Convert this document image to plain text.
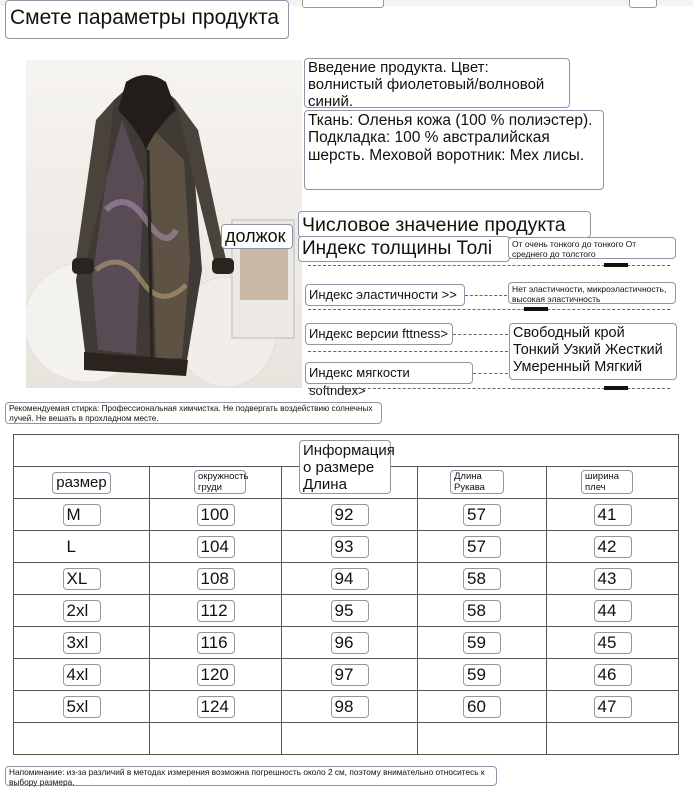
Смете параметры продукта
должок
Введение продукта. Цвет: волнистый фиолетовый/волновой синий.
Ткань: Оленья кожа (100 % полиэстер). Подкладка: 100 % австралийская шерсть. Меховой воротник: Мех лисы.
Числовое значение продукта
Индекс толщины Толі	От очень тонкого до тонкого От среднего до толстого
Индекс эластичности >>	Нет эластичности, микроэластичность, высокая эластичность
Индекс версии fttness>	Свободный крой Тонкий Узкий Жесткий Умеренный Мягкий
Индекс мягкости softndex>
Рекомендуемая стирка: Профессиональная химчистка. Не подвергать воздействию солнечных лучей. Не вешать в прохладном месте.

размер	окружность груди		Длина Рукава	ширина плеч
M	100	92	57	41
L	104	93	57	42
XL	108	94	58	43
2xl	112	95	58	44
3xl	116	96	59	45
4xl	120	97	59	46
5xl	124	98	60	47

Информация о размере Длина
Напоминание: из-за различий в методах измерения возможна погрешность около 2 см, поэтому внимательно относитесь к выбору размера.
